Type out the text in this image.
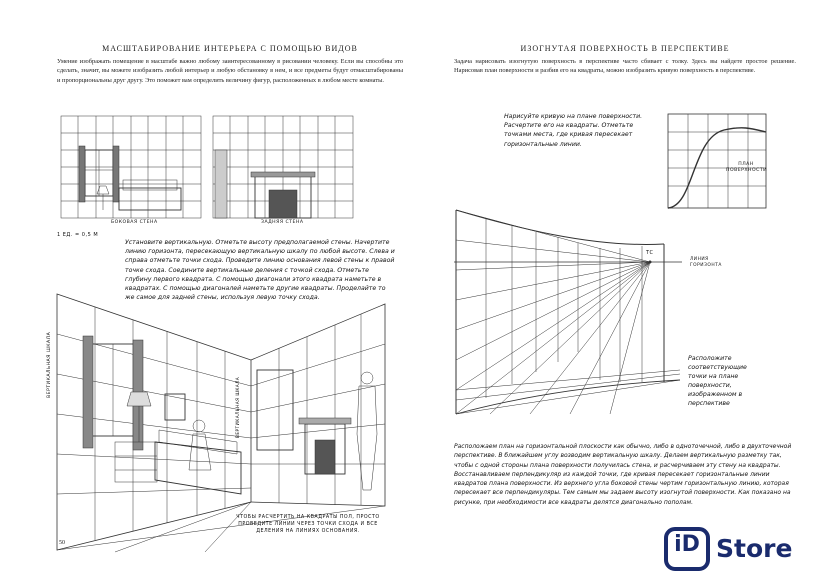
МАСШТАБИРОВАНИЕ ИНТЕРЬЕРА С ПОМОЩЬЮ ВИДОВ
Умение изображать помещение в масштабе важно любому заинтересованному в рисовании человеку. Если вы способны это сделать, значит, вы можете изобразить любой интерьер и любую обстановку в нем, и все предметы будут отмасштабированы и пропорциональны друг другу. Это поможет вам определить величину фигур, расположенных в любом месте комнаты.
БОКОВАЯ СТЕНА	ЗАДНЯЯ СТЕНА
1 ЕД. = 0,5 М
Установите вертикальную. Отметьте высоту предполагаемой стены. Начертите линию горизонта, пересекающую вертикальную шкалу по любой высоте. Слева и справа отметьте точки схода. Проведите линию основания левой стены к правой точке схода. Соедините вертикальные деления с точкой схода. Отметьте глубину первого квадрата. С помощью диагонали этого квадрата наметьте в квадратах. С помощью диагоналей наметьте другие квадраты. Проделайте то же самое для задней стены, используя левую точку схода.
ВЕРТИКАЛЬНАЯ ШКАЛА
ВЕРТИКАЛЬНАЯ ШКАЛА
ЧТОБЫ РАСЧЕРТИТЬ НА КВАДРАТЫ ПОЛ, ПРОСТО ПРОВЕДИТЕ ЛИНИИ ЧЕРЕЗ ТОЧКИ СХОДА И ВСЕ ДЕЛЕНИЯ НА ЛИНИЯХ ОСНОВАНИЯ.
50
ИЗОГНУТАЯ ПОВЕРХНОСТЬ В ПЕРСПЕКТИВЕ
Задача нарисовать изогнутую поверхность в перспективе часто сбивает с толку. Здесь вы найдете простое решение. Нарисовав план поверхности и разбив его на квадраты, можно изобразить кривую поверхность в перспективе.
Нарисуйте кривую на плане поверхности. Расчертите его на квадраты. Отметьте точками места, где кривая пересекает горизонтальные линии.
ПЛАН ПОВЕРХНОСТИ
ТС
ЛИНИЯ ГОРИЗОНТА
Расположите соответствующие точки на плане поверхности, изображенном в перспективе
Расположаем план на горизонтальной плоскости как обычно, либо в одноточечной, либо в двухточечной перспективе. В ближайшем углу возводим вертикальную шкалу. Делаем вертикальную разметку так, чтобы с одной стороны плана поверхности получилась стена, и расчерчиваем эту стену на квадраты. Восстанавливаем перпендикуляр из каждой точки, где кривая пересекает горизонтальные линии квадратов плана поверхности. Из верхнего угла боковой стены чертим горизонтальную линию, которая пересекает все перпендикуляры. Тем самым мы задаем высоту изогнутой поверхности. Как показано на рисунке, при необходимости все квадраты делятся диагонально пополам.
iD Store
